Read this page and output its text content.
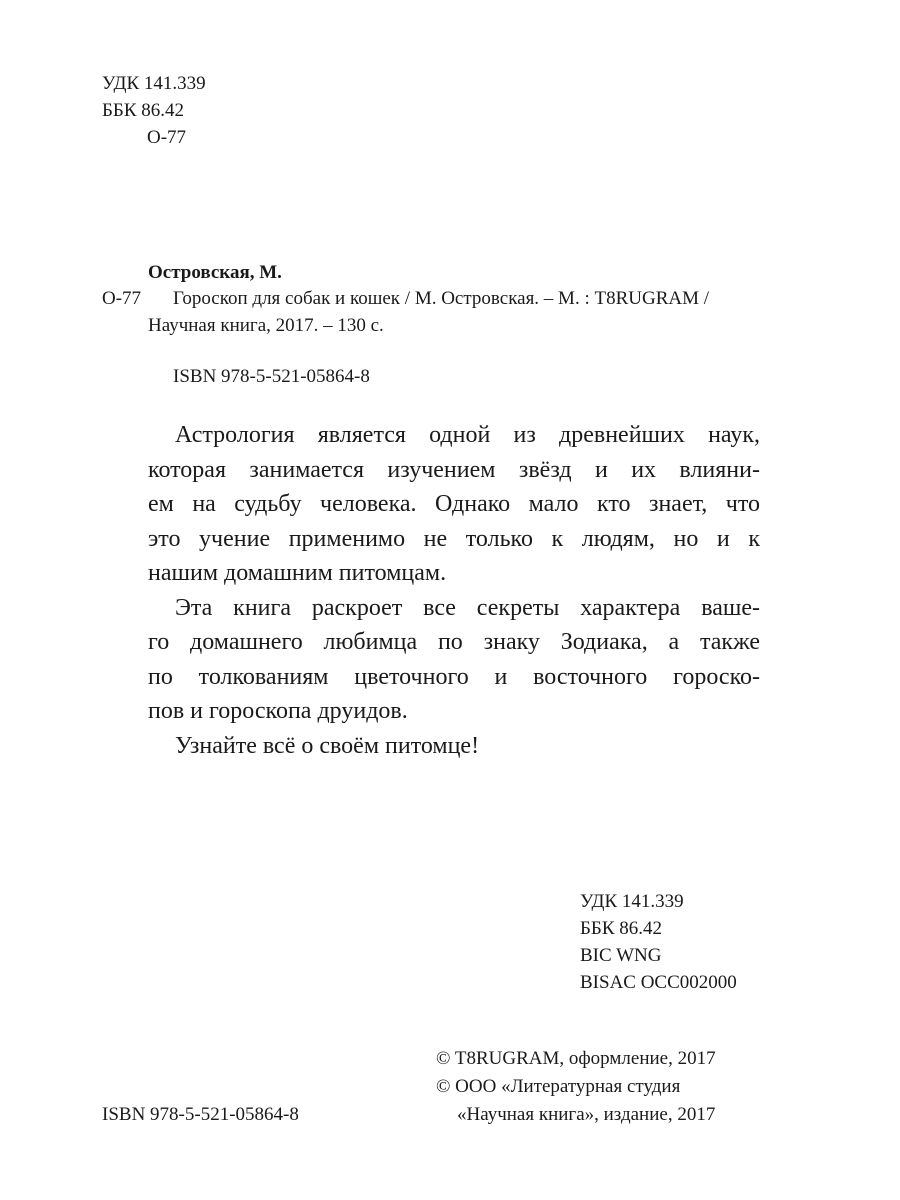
УДК 141.339
ББК 86.42
О-77
Островская, М.
О-77 Гороскоп для собак и кошек / М. Островская. – М. : T8RUGRAM /
Научная книга, 2017. – 130 с.
ISBN 978-5-521-05864-8
Астрология является одной из древнейших наук,
которая занимается изучением звёзд и их влияни-
ем на судьбу человека. Однако мало кто знает, что
это учение применимо не только к людям, но и к
нашим домашним питомцам.
Эта книга раскроет все секреты характера ваше-
го домашнего любимца по знаку Зодиака, а также
по толкованиям цветочного и восточного гороско-
пов и гороскопа друидов.
Узнайте всё о своём питомце!
УДК 141.339
ББК 86.42
BIC WNG
BISAC OCC002000
© T8RUGRAM, оформление, 2017
© ООО «Литературная студия
«Научная книга», издание, 2017
ISBN 978-5-521-05864-8
